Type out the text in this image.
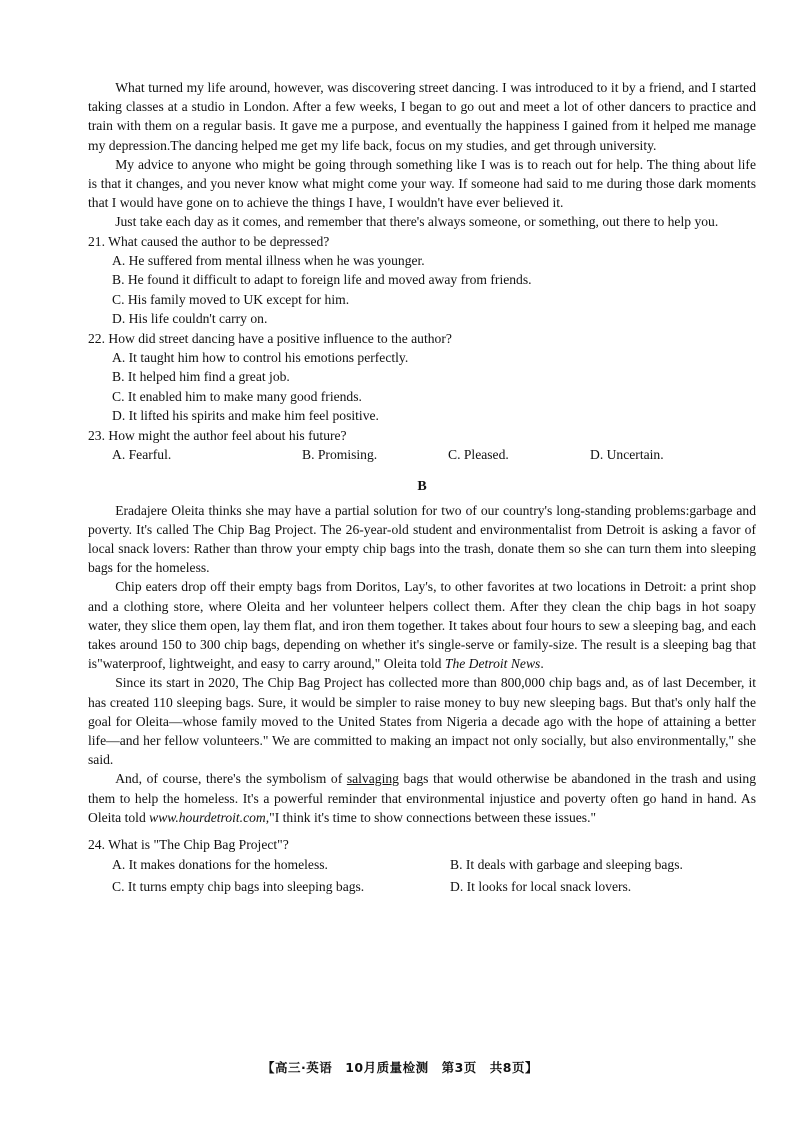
What turned my life around, however, was discovering street dancing. I was introduced to it by a friend, and I started taking classes at a studio in London. After a few weeks, I began to go out and meet a lot of other dancers to practice and train with them on a regular basis. It gave me a purpose, and eventually the happiness I gained from it helped me manage my depression.The dancing helped me get my life back, focus on my studies, and get through university.

My advice to anyone who might be going through something like I was is to reach out for help. The thing about life is that it changes, and you never know what might come your way. If someone had said to me during those dark moments that I would have gone on to achieve the things I have, I wouldn't have ever believed it.

Just take each day as it comes, and remember that there's always someone, or something, out there to help you.

21. What caused the author to be depressed?
A. He suffered from mental illness when he was younger.
B. He found it difficult to adapt to foreign life and moved away from friends.
C. His family moved to UK except for him.
D. His life couldn't carry on.
22. How did street dancing have a positive influence to the author?
A. It taught him how to control his emotions perfectly.
B. It helped him find a great job.
C. It enabled him to make many good friends.
D. It lifted his spirits and make him feel positive.
23. How might the author feel about his future?
A. Fearful.	B. Promising.	C. Pleased.	D. Uncertain.
B

Eradajere Oleita thinks she may have a partial solution for two of our country's long-standing problems:garbage and poverty. It's called The Chip Bag Project. The 26-year-old student and environmentalist from Detroit is asking a favor of local snack lovers: Rather than throw your empty chip bags into the trash, donate them so she can turn them into sleeping bags for the homeless.

Chip eaters drop off their empty bags from Doritos, Lay's, to other favorites at two locations in Detroit: a print shop and a clothing store, where Oleita and her volunteer helpers collect them. After they clean the chip bags in hot soapy water, they slice them open, lay them flat, and iron them together. It takes about four hours to sew a sleeping bag, and each takes around 150 to 300 chip bags, depending on whether it's single-serve or family-size. The result is a sleeping bag that is"waterproof, lightweight, and easy to carry around," Oleita told The Detroit News.

Since its start in 2020, The Chip Bag Project has collected more than 800,000 chip bags and, as of last December, it has created 110 sleeping bags. Sure, it would be simpler to raise money to buy new sleeping bags. But that's only half the goal for Oleita—whose family moved to the United States from Nigeria a decade ago with the hope of attaining a better life—and her fellow volunteers." We are committed to making an impact not only socially, but also environmentally," she said.

And, of course, there's the symbolism of salvaging bags that would otherwise be abandoned in the trash and using them to help the homeless. It's a powerful reminder that environmental injustice and poverty often go hand in hand. As Oleita told www.hourdetroit.com,"I think it's time to show connections between these issues."

24. What is "The Chip Bag Project"?
A. It makes donations for the homeless.	B. It deals with garbage and sleeping bags.
C. It turns empty chip bags into sleeping bags.	D. It looks for local snack lovers.
【高三·英语　10月质量检测　第3页　共8页】
